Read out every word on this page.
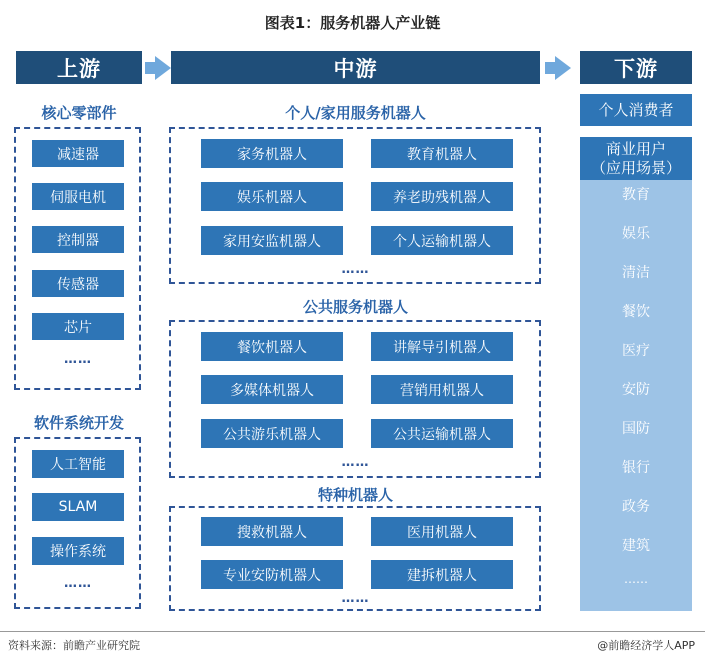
图表1：服务机器人产业链
上游	中游	下游
核心零部件
减速器
伺服电机
控制器
传感器
芯片
……
软件系统开发
人工智能
SLAM
操作系统
……
个人/家用服务机器人
家务机器人	教育机器人
娱乐机器人	养老助残机器人
家用安监机器人	个人运输机器人
……
公共服务机器人
餐饮机器人	讲解导引机器人
多媒体机器人	营销用机器人
公共游乐机器人	公共运输机器人
……
特种机器人
搜救机器人	医用机器人
专业安防机器人	建拆机器人
……
个人消费者
商业用户
（应用场景）
教育
娱乐
清洁
餐饮
医疗
安防
国防
银行
政务
建筑
……
资料来源：前瞻产业研究院	@前瞻经济学人APP
